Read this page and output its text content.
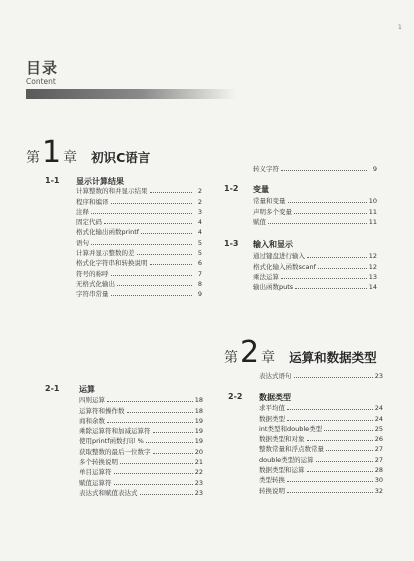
1
目录
Content
第 1 章 初识C语言
1-1 显示计算结果
计算整数的和并显示结果	2
程序和编译	2
注释	3
固定代码	4
格式化输出函数printf	4
语句	5
计算并显示整数的差	5
格式化字符串和转换说明	6
符号的称呼	7
无格式化输出	8
字符串常量	9
转义字符	9
1-2 变量
常量和变量	10
声明多个变量	11
赋值	11
1-3 输入和显示
通过键盘进行输入	12
格式化输入函数scanf	12
乘法运算	13
输出函数puts	14
第 2 章 运算和数据类型
2-1 运算
四则运算	18
运算符和操作数	18
商和余数	19
乘除运算符和加减运算符	19
使用printf函数打印 %	19
获取整数的最后一位数字	20
多个转换说明	21
单目运算符	22
赋值运算符	23
表达式和赋值表达式	23
表达式语句	23
2-2 数据类型
求平均值	24
数据类型	24
int类型和double类型	25
数据类型和对象	26
整数常量和浮点数常量	27
double类型的运算	27
数据类型和运算	28
类型转换	30
转换说明	32
